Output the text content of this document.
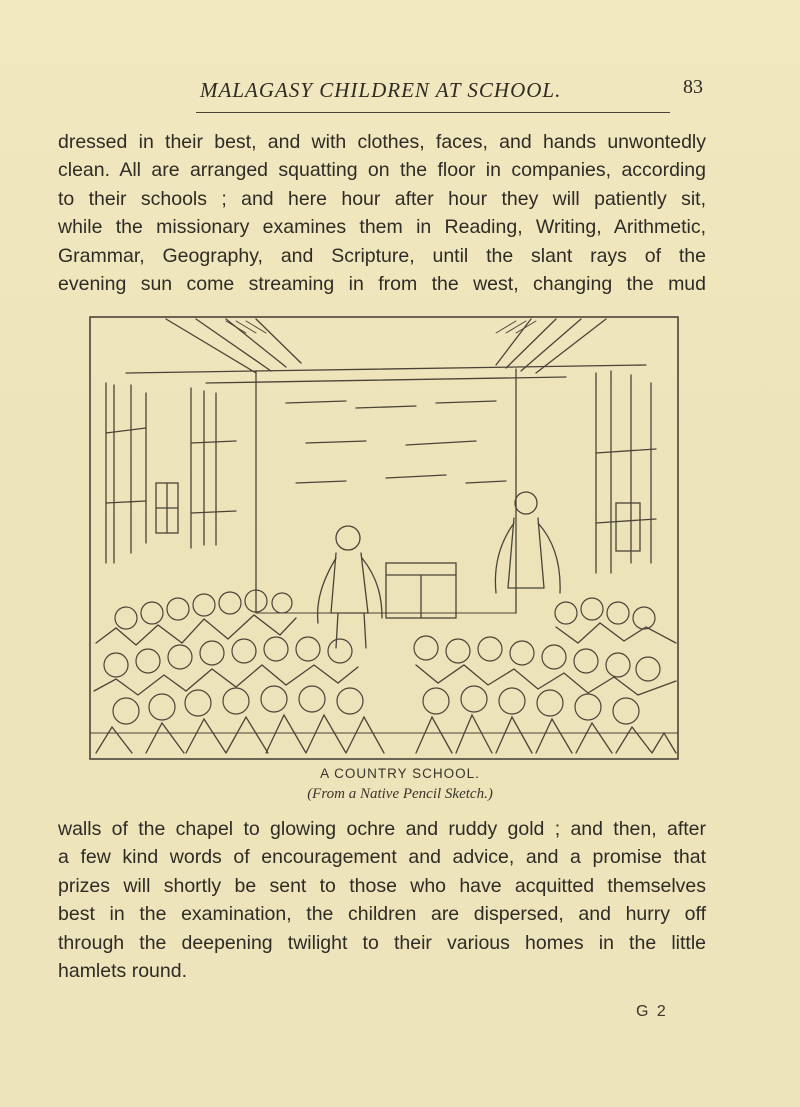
MALAGASY CHILDREN AT SCHOOL.	83
dressed in their best, and with clothes, faces, and hands unwontedly
clean. All are arranged squatting on the floor in companies, according
to their schools ; and here hour after hour they will patiently sit,
while the missionary examines them in Reading, Writing, Arithmetic,
Grammar, Geography, and Scripture, until the slant rays of the
evening sun come streaming in from the west, changing the mud
A COUNTRY SCHOOL.
(From a Native Pencil Sketch.)
walls of the chapel to glowing ochre and ruddy gold ; and then, after
a few kind words of encouragement and advice, and a promise that
prizes will shortly be sent to those who have acquitted themselves
best in the examination, the children are dispersed, and hurry off
through the deepening twilight to their various homes in the little
hamlets round.
G 2
